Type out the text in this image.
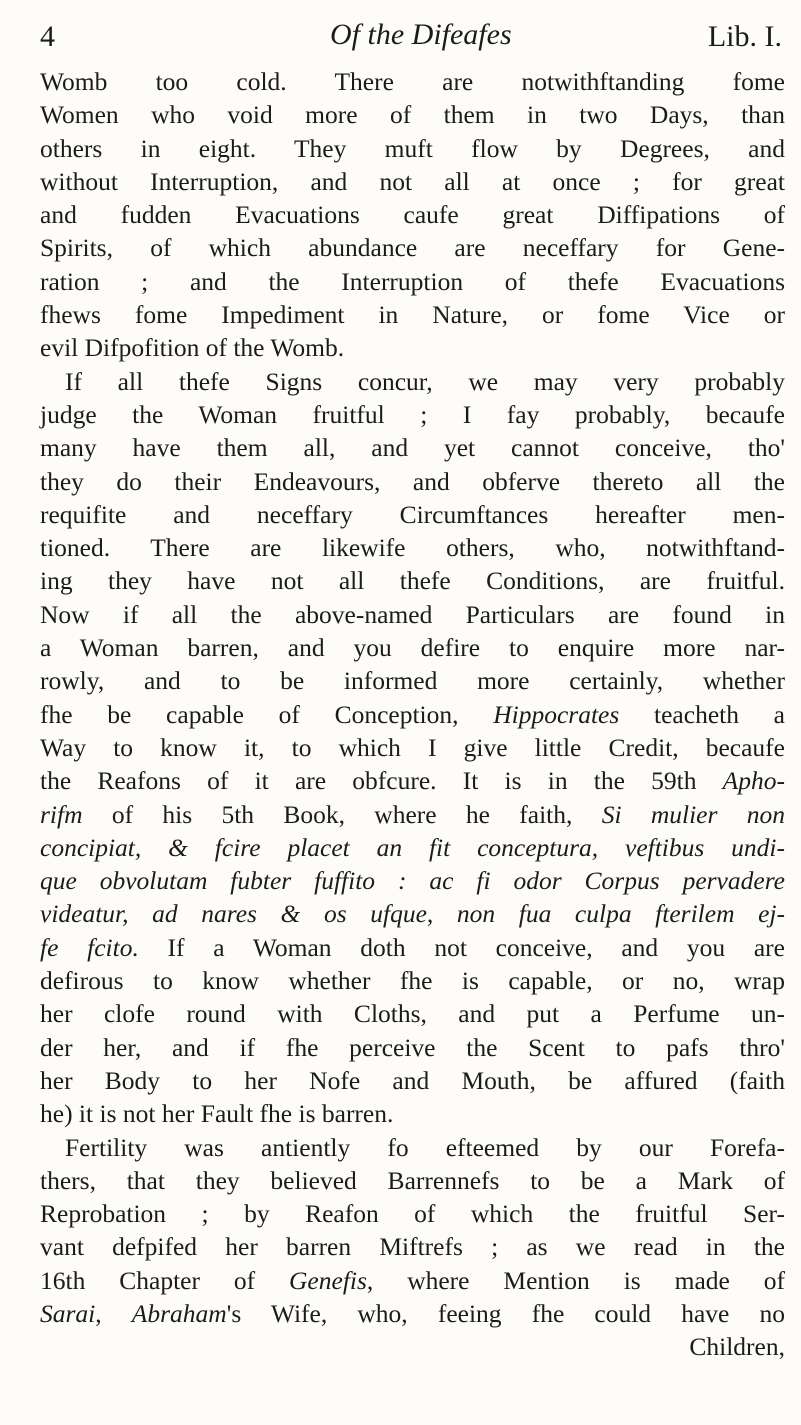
4	Of the Difeafes	Lib. I.
Womb too cold. There are notwithftanding fome
Women who void more of them in two Days, than
others in eight. They muft flow by Degrees, and
without Interruption, and not all at once ; for great
and fudden Evacuations caufe great Diffipations of
Spirits, of which abundance are neceffary for Gene-
ration ; and the Interruption of thefe Evacuations
fhews fome Impediment in Nature, or fome Vice or
evil Difpofition of the Womb.
If all thefe Signs concur, we may very probably
judge the Woman fruitful ; I fay probably, becaufe
many have them all, and yet cannot conceive, tho'
they do their Endeavours, and obferve thereto all the
requifite and neceffary Circumftances hereafter men-
tioned. There are likewife others, who, notwithftand-
ing they have not all thefe Conditions, are fruitful.
Now if all the above-named Particulars are found in
a Woman barren, and you defire to enquire more nar-
rowly, and to be informed more certainly, whether
fhe be capable of Conception, Hippocrates teacheth a
Way to know it, to which I give little Credit, becaufe
the Reafons of it are obfcure. It is in the 59th Apho-
rifm of his 5th Book, where he faith, Si mulier non
concipiat, & fcire placet an fit conceptura, veftibus undi-
que obvolutam fubter fuffito : ac fi odor Corpus pervadere
videatur, ad nares & os ufque, non fua culpa fterilem ej-
fe fcito. If a Woman doth not conceive, and you are
defirous to know whether fhe is capable, or no, wrap
her clofe round with Cloths, and put a Perfume un-
der her, and if fhe perceive the Scent to pafs thro'
her Body to her Nofe and Mouth, be affured (faith
he) it is not her Fault fhe is barren.
Fertility was antiently fo efteemed by our Forefa-
thers, that they believed Barrennefs to be a Mark of
Reprobation ; by Reafon of which the fruitful Ser-
vant defpifed her barren Miftrefs ; as we read in the
16th Chapter of Genefis, where Mention is made of
Sarai, Abraham's Wife, who, feeing fhe could have no
Children,
